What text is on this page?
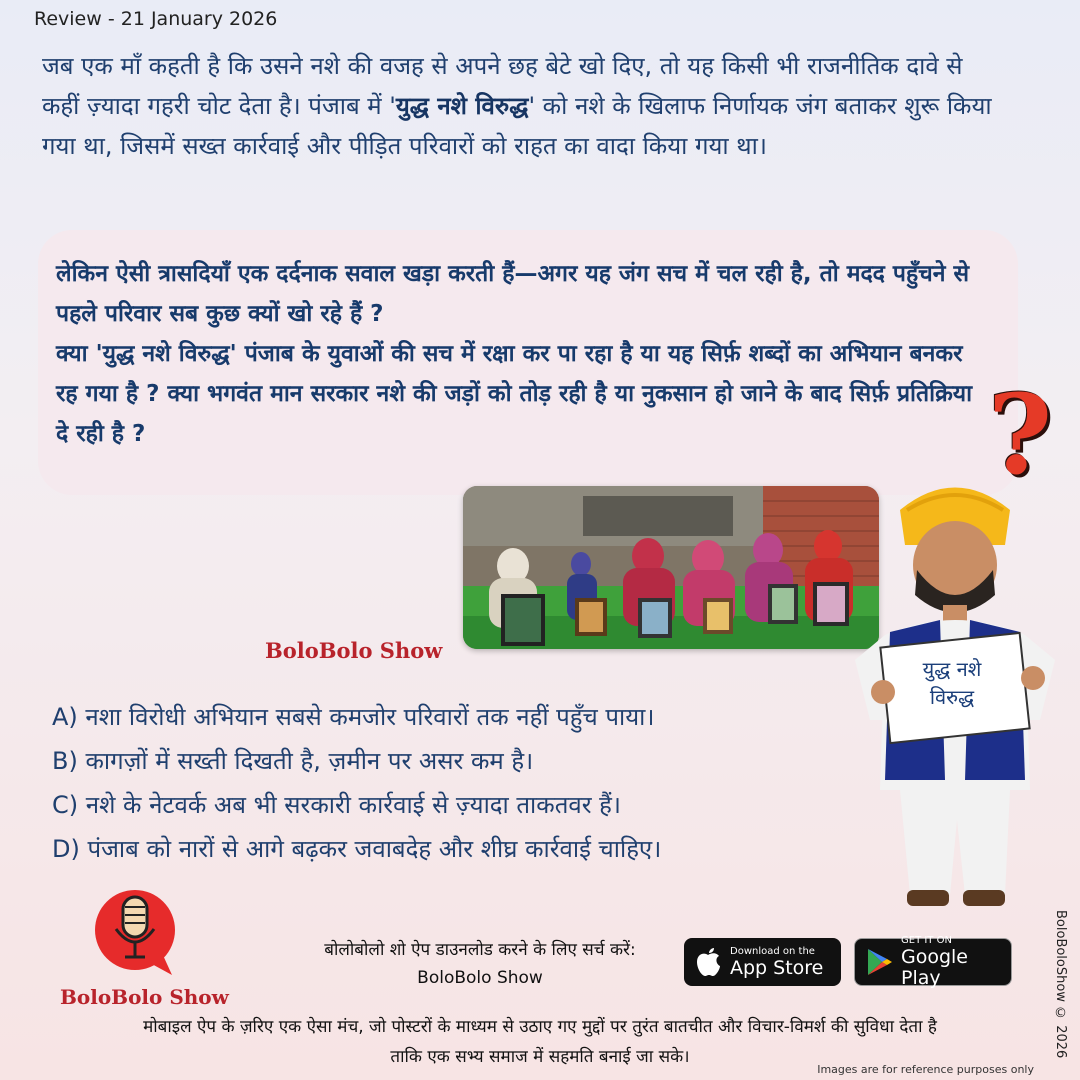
Review - 21 January 2026
जब एक माँ कहती है कि उसने नशे की वजह से अपने छह बेटे खो दिए, तो यह किसी भी राजनीतिक दावे से कहीं ज़्यादा गहरी चोट देता है। पंजाब में 'युद्ध नशे विरुद्ध' को नशे के खिलाफ निर्णायक जंग बताकर शुरू किया गया था, जिसमें सख्त कार्रवाई और पीड़ित परिवारों को राहत का वादा किया गया था।
लेकिन ऐसी त्रासदियाँ एक दर्दनाक सवाल खड़ा करती हैं—अगर यह जंग सच में चल रही है, तो मदद पहुँचने से पहले परिवार सब कुछ क्यों खो रहे हैं ?
क्या 'युद्ध नशे विरुद्ध' पंजाब के युवाओं की सच में रक्षा कर पा रहा है या यह सिर्फ़ शब्दों का अभियान बनकर रह गया है ? क्या भगवंत मान सरकार नशे की जड़ों को तोड़ रही है या नुकसान हो जाने के बाद सिर्फ़ प्रतिक्रिया दे रही है ?	?
BoloBolo Show
A) नशा विरोधी अभियान सबसे कमजोर परिवारों तक नहीं पहुँच पाया।
B) कागज़ों में सख्ती दिखती है, ज़मीन पर असर कम है।
C) नशे के नेटवर्क अब भी सरकारी कार्रवाई से ज़्यादा ताकतवर हैं।
D) पंजाब को नारों से आगे बढ़कर जवाबदेह और शीघ्र कार्रवाई चाहिए।
युद्ध नशे
विरुद्ध
BoloBolo Show
बोलोबोलो शो ऐप डाउनलोड करने के लिए सर्च करें:
BoloBolo Show
Download on the
App Store
GET IT ON
Google Play
मोबाइल ऐप के ज़रिए एक ऐसा मंच, जो पोस्टरों के माध्यम से उठाए गए मुद्दों पर तुरंत बातचीत और विचार-विमर्श की सुविधा देता है
ताकि एक सभ्य समाज में सहमति बनाई जा सके।	BoloBoloShow © 2026
Images are for reference purposes only
